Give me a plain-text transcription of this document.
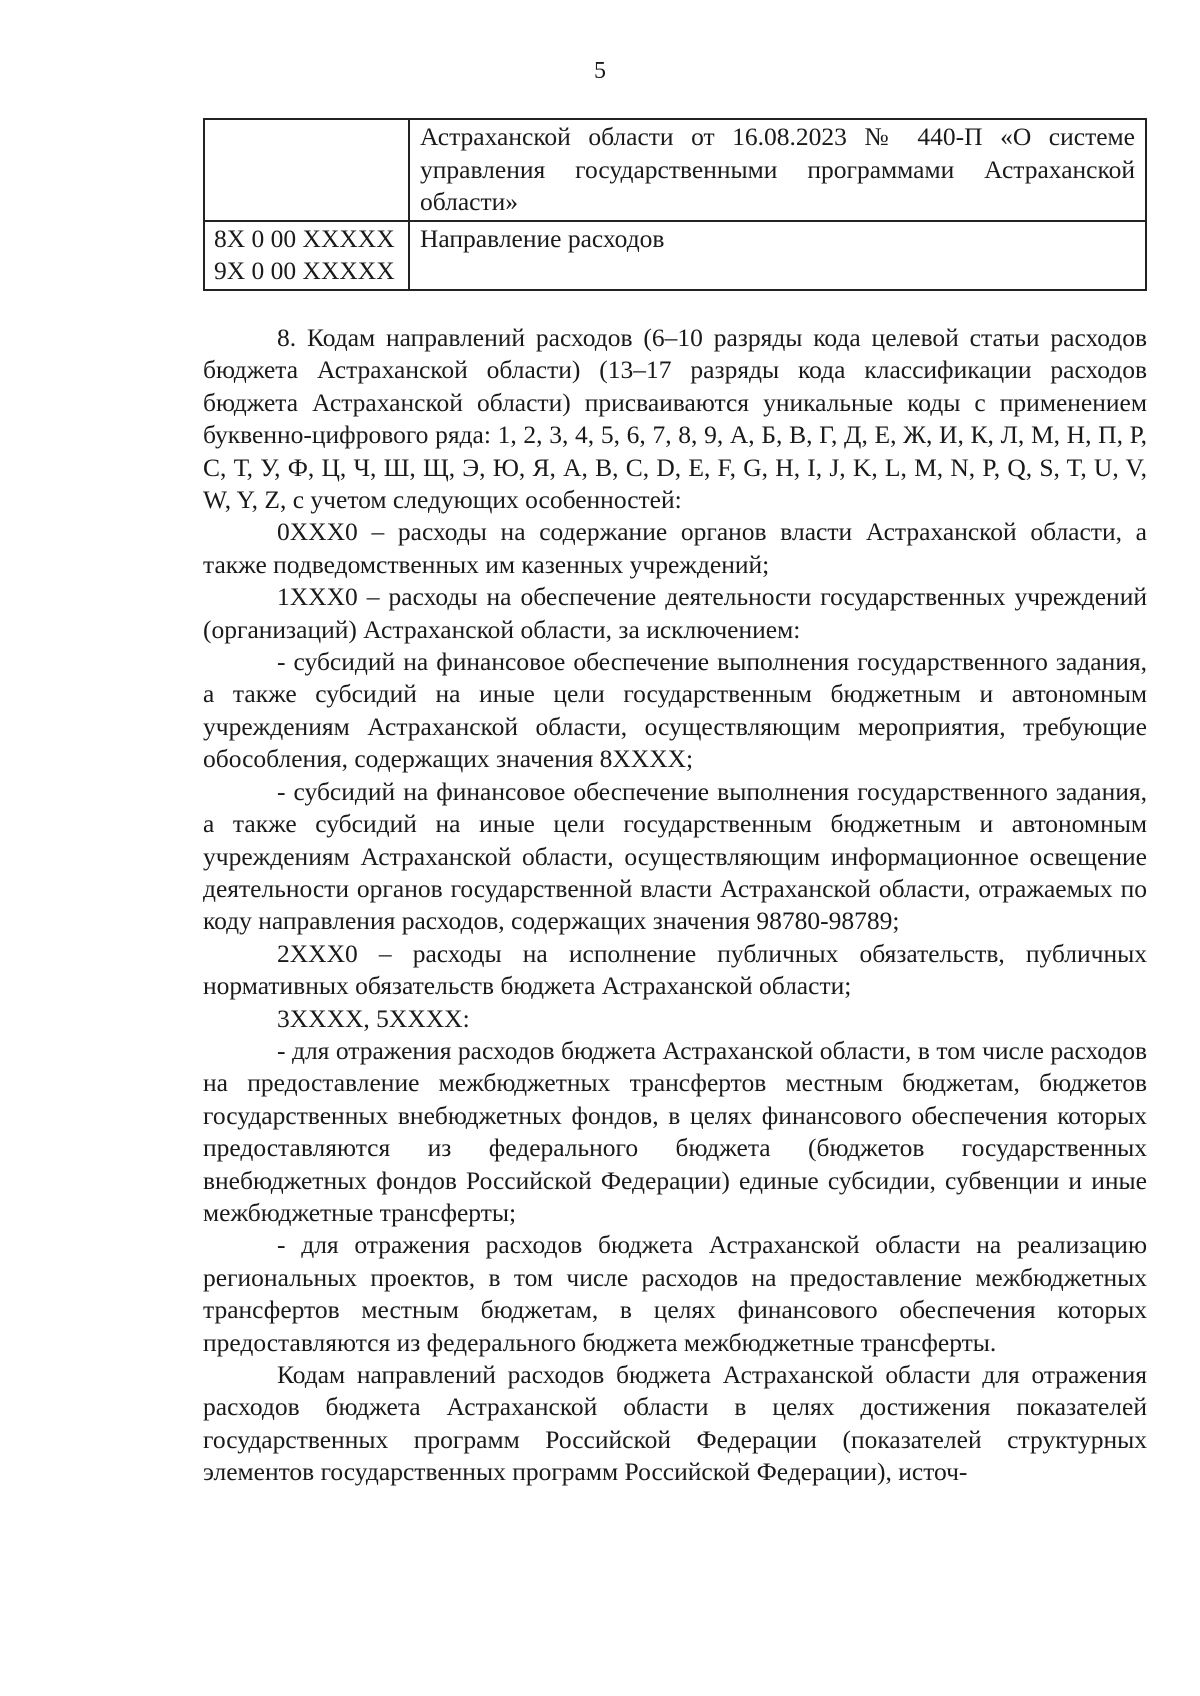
5
	Астраханской области от 16.08.2023 № 440-П «О системе управления государственными программами Астраханской области»

8Х 0 00 ХХХХХ
9Х 0 00 ХХХХХ	Направление расходов

8. Кодам направлений расходов (6–10 разряды кода целевой статьи расходов бюджета Астраханской области) (13–17 разряды кода классификации расходов бюджета Астраханской области) присваиваются уникальные коды с применением буквенно-цифрового ряда: 1, 2, 3, 4, 5, 6, 7, 8, 9, А, Б, В, Г, Д, Е, Ж, И, К, Л, М, Н, П, Р, С, Т, У, Ф, Ц, Ч, Ш, Щ, Э, Ю, Я, A, B, C, D, E, F, G, H, I, J, K, L, M, N, P, Q, S, T, U, V, W, Y, Z, с учетом следующих особенностей:

0ХХХ0 – расходы на содержание органов власти Астраханской области, а также подведомственных им казенных учреждений;

1ХХХ0 – расходы на обеспечение деятельности государственных учреждений (организаций) Астраханской области, за исключением:

- субсидий на финансовое обеспечение выполнения государственного задания, а также субсидий на иные цели государственным бюджетным и автономным учреждениям Астраханской области, осуществляющим мероприятия, требующие обособления, содержащих значения 8ХХХХ;

- субсидий на финансовое обеспечение выполнения государственного задания, а также субсидий на иные цели государственным бюджетным и автономным учреждениям Астраханской области, осуществляющим информационное освещение деятельности органов государственной власти Астраханской области, отражаемых по коду направления расходов, содержащих значения 98780-98789;

2ХХХ0 – расходы на исполнение публичных обязательств, публичных нормативных обязательств бюджета Астраханской области;

3ХХХХ, 5ХХХХ:

- для отражения расходов бюджета Астраханской области, в том числе расходов на предоставление межбюджетных трансфертов местным бюджетам, бюджетов государственных внебюджетных фондов, в целях финансового обеспечения которых предоставляются из федерального бюджета (бюджетов государственных внебюджетных фондов Российской Федерации) единые субсидии, субвенции и иные межбюджетные трансферты;

- для отражения расходов бюджета Астраханской области на реализацию региональных проектов, в том числе расходов на предоставление межбюджетных трансфертов местным бюджетам, в целях финансового обеспечения которых предоставляются из федерального бюджета межбюджетные трансферты.

Кодам направлений расходов бюджета Астраханской области для отражения расходов бюджета Астраханской области в целях достижения показателей государственных программ Российской Федерации (показателей структурных элементов государственных программ Российской Федерации), источ-
